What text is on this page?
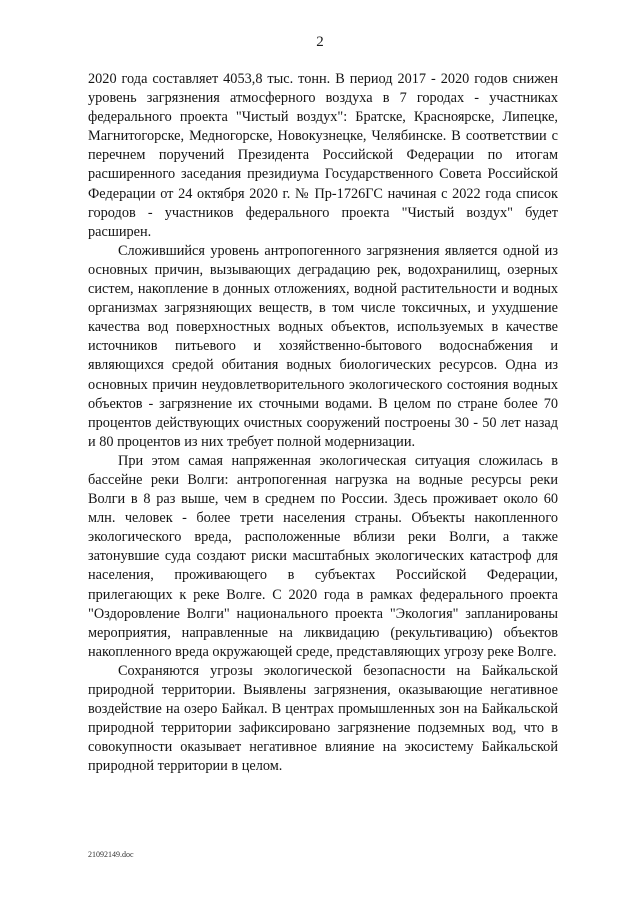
2

2020 года составляет 4053,8 тыс. тонн. В период 2017 - 2020 годов снижен уровень загрязнения атмосферного воздуха в 7 городах - участниках федерального проекта "Чистый воздух": Братске, Красноярске, Липецке, Магнитогорске, Медногорске, Новокузнецке, Челябинске. В соответствии с перечнем поручений Президента Российской Федерации по итогам расширенного заседания президиума Государственного Совета Российской Федерации от 24 октября 2020 г. № Пр-1726ГС начиная с 2022 года список городов - участников федерального проекта "Чистый воздух" будет расширен.

Сложившийся уровень антропогенного загрязнения является одной из основных причин, вызывающих деградацию рек, водохранилищ, озерных систем, накопление в донных отложениях, водной растительности и водных организмах загрязняющих веществ, в том числе токсичных, и ухудшение качества вод поверхностных водных объектов, используемых в качестве источников питьевого и хозяйственно-бытового водоснабжения и являющихся средой обитания водных биологических ресурсов. Одна из основных причин неудовлетворительного экологического состояния водных объектов - загрязнение их сточными водами. В целом по стране более 70 процентов действующих очистных сооружений построены 30 - 50 лет назад и 80 процентов из них требует полной модернизации.

При этом самая напряженная экологическая ситуация сложилась в бассейне реки Волги: антропогенная нагрузка на водные ресурсы реки Волги в 8 раз выше, чем в среднем по России. Здесь проживает около 60 млн. человек - более трети населения страны. Объекты накопленного экологического вреда, расположенные вблизи реки Волги, а также затонувшие суда создают риски масштабных экологических катастроф для населения, проживающего в субъектах Российской Федерации, прилегающих к реке Волге. С 2020 года в рамках федерального проекта "Оздоровление Волги" национального проекта "Экология" запланированы мероприятия, направленные на ликвидацию (рекультивацию) объектов накопленного вреда окружающей среде, представляющих угрозу реке Волге.

Сохраняются угрозы экологической безопасности на Байкальской природной территории. Выявлены загрязнения, оказывающие негативное воздействие на озеро Байкал. В центрах промышленных зон на Байкальской природной территории зафиксировано загрязнение подземных вод, что в совокупности оказывает негативное влияние на экосистему Байкальской природной территории в целом.

21092149.doc
